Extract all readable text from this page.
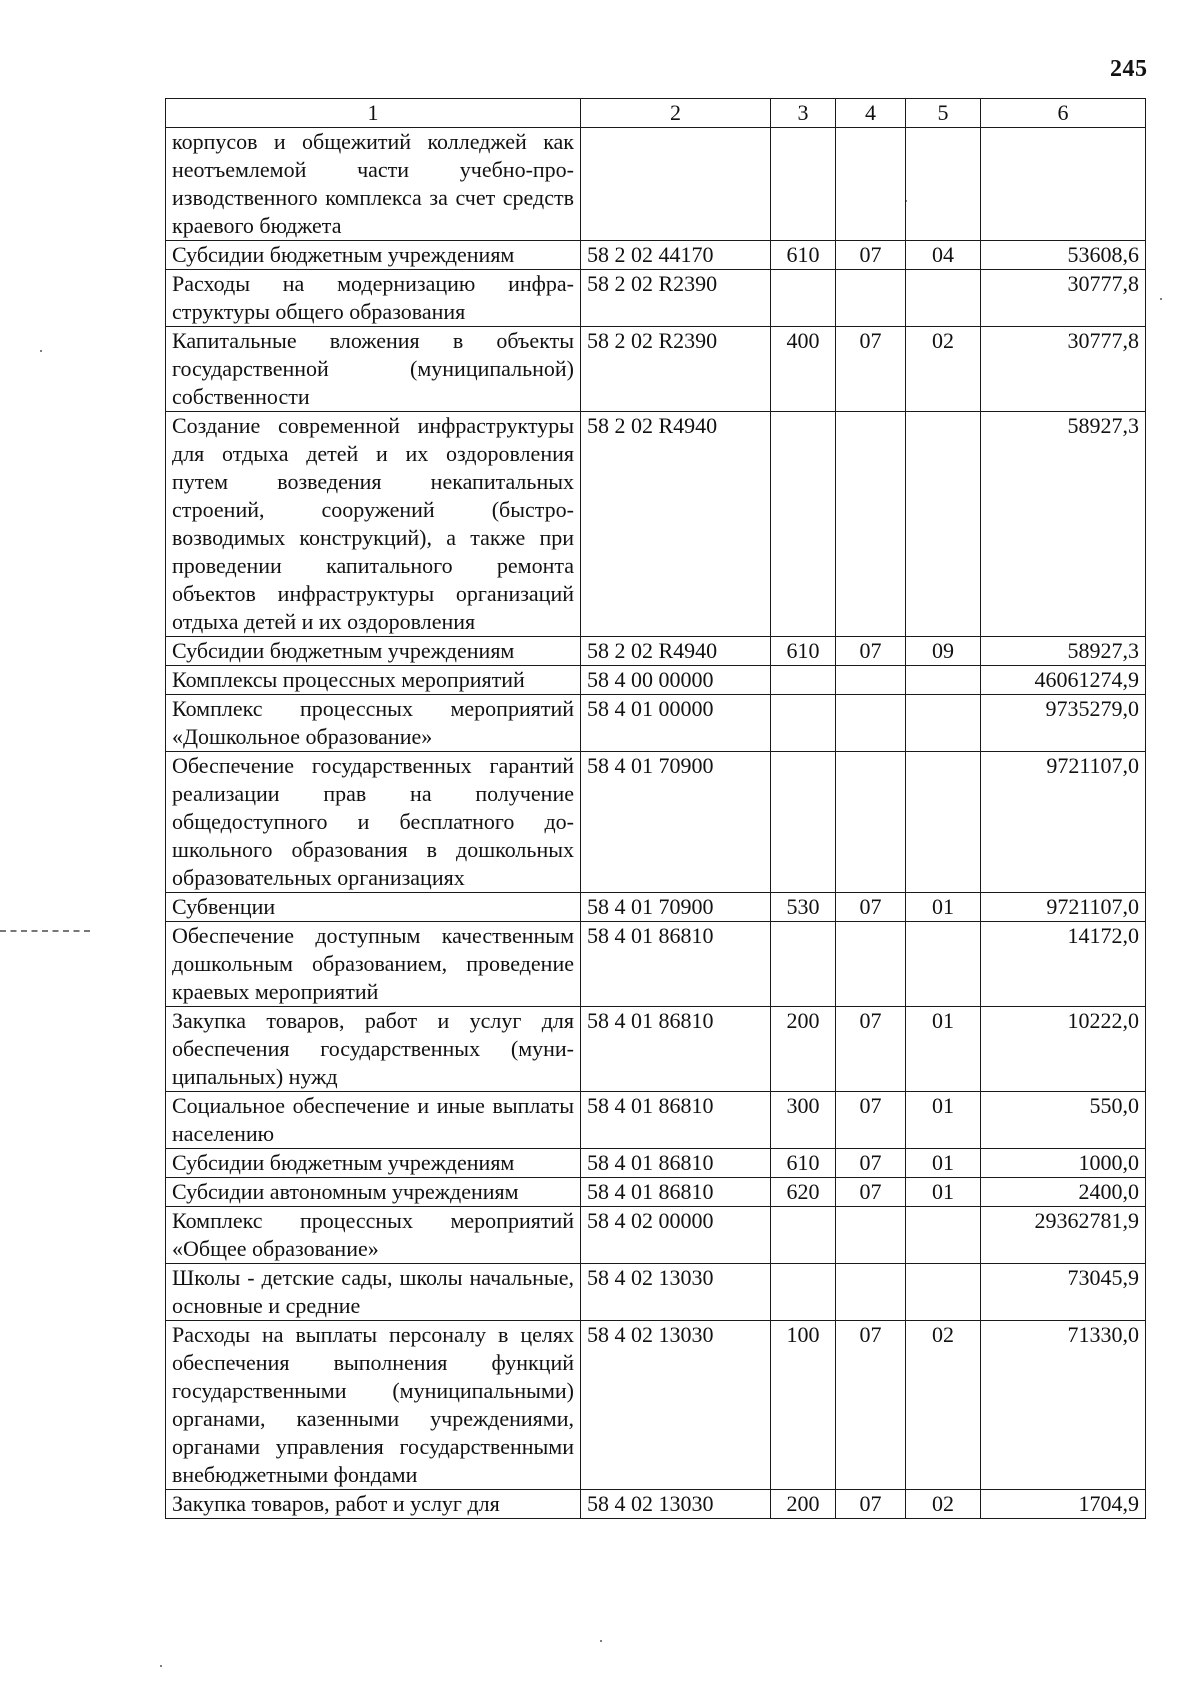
245
1	2	3	4	5	6
корпусов и общежитий колледжей как неотъемлемой части учебно-производственного комплекса за счет средств краевого бюджета					
Субсидии бюджетным учреждениям	58 2 02 44170	610	07	04	53608,6
Расходы на модернизацию инфраструктуры общего образования	58 2 02 R2390				30777,8
Капитальные вложения в объекты государственной (муниципальной) собственности	58 2 02 R2390	400	07	02	30777,8
Создание современной инфраструктуры для отдыха детей и их оздоровления путем возведения некапитальных строений, сооружений (быстровозводимых конструкций), а также при проведении капитального ремонта объектов инфраструктуры организаций отдыха детей и их оздоровления	58 2 02 R4940				58927,3
Субсидии бюджетным учреждениям	58 2 02 R4940	610	07	09	58927,3
Комплексы процессных мероприятий	58 4 00 00000				46061274,9
Комплекс процессных мероприятий «Дошкольное образование»	58 4 01 00000				9735279,0
Обеспечение государственных гарантий реализации прав на получение общедоступного и бесплатного дошкольного образования в дошкольных образовательных организациях	58 4 01 70900				9721107,0
Субвенции	58 4 01 70900	530	07	01	9721107,0
Обеспечение доступным качественным дошкольным образованием, проведение краевых мероприятий	58 4 01 86810				14172,0
Закупка товаров, работ и услуг для обеспечения государственных (муниципальных) нужд	58 4 01 86810	200	07	01	10222,0
Социальное обеспечение и иные выплаты населению	58 4 01 86810	300	07	01	550,0
Субсидии бюджетным учреждениям	58 4 01 86810	610	07	01	1000,0
Субсидии автономным учреждениям	58 4 01 86810	620	07	01	2400,0
Комплекс процессных мероприятий «Общее образование»	58 4 02 00000				29362781,9
Школы - детские сады, школы начальные, основные и средние	58 4 02 13030				73045,9
Расходы на выплаты персоналу в целях обеспечения выполнения функций государственными (муниципальными) органами, казенными учреждениями, органами управления государственными внебюджетными фондами	58 4 02 13030	100	07	02	71330,0
Закупка товаров, работ и услуг для	58 4 02 13030	200	07	02	1704,9
